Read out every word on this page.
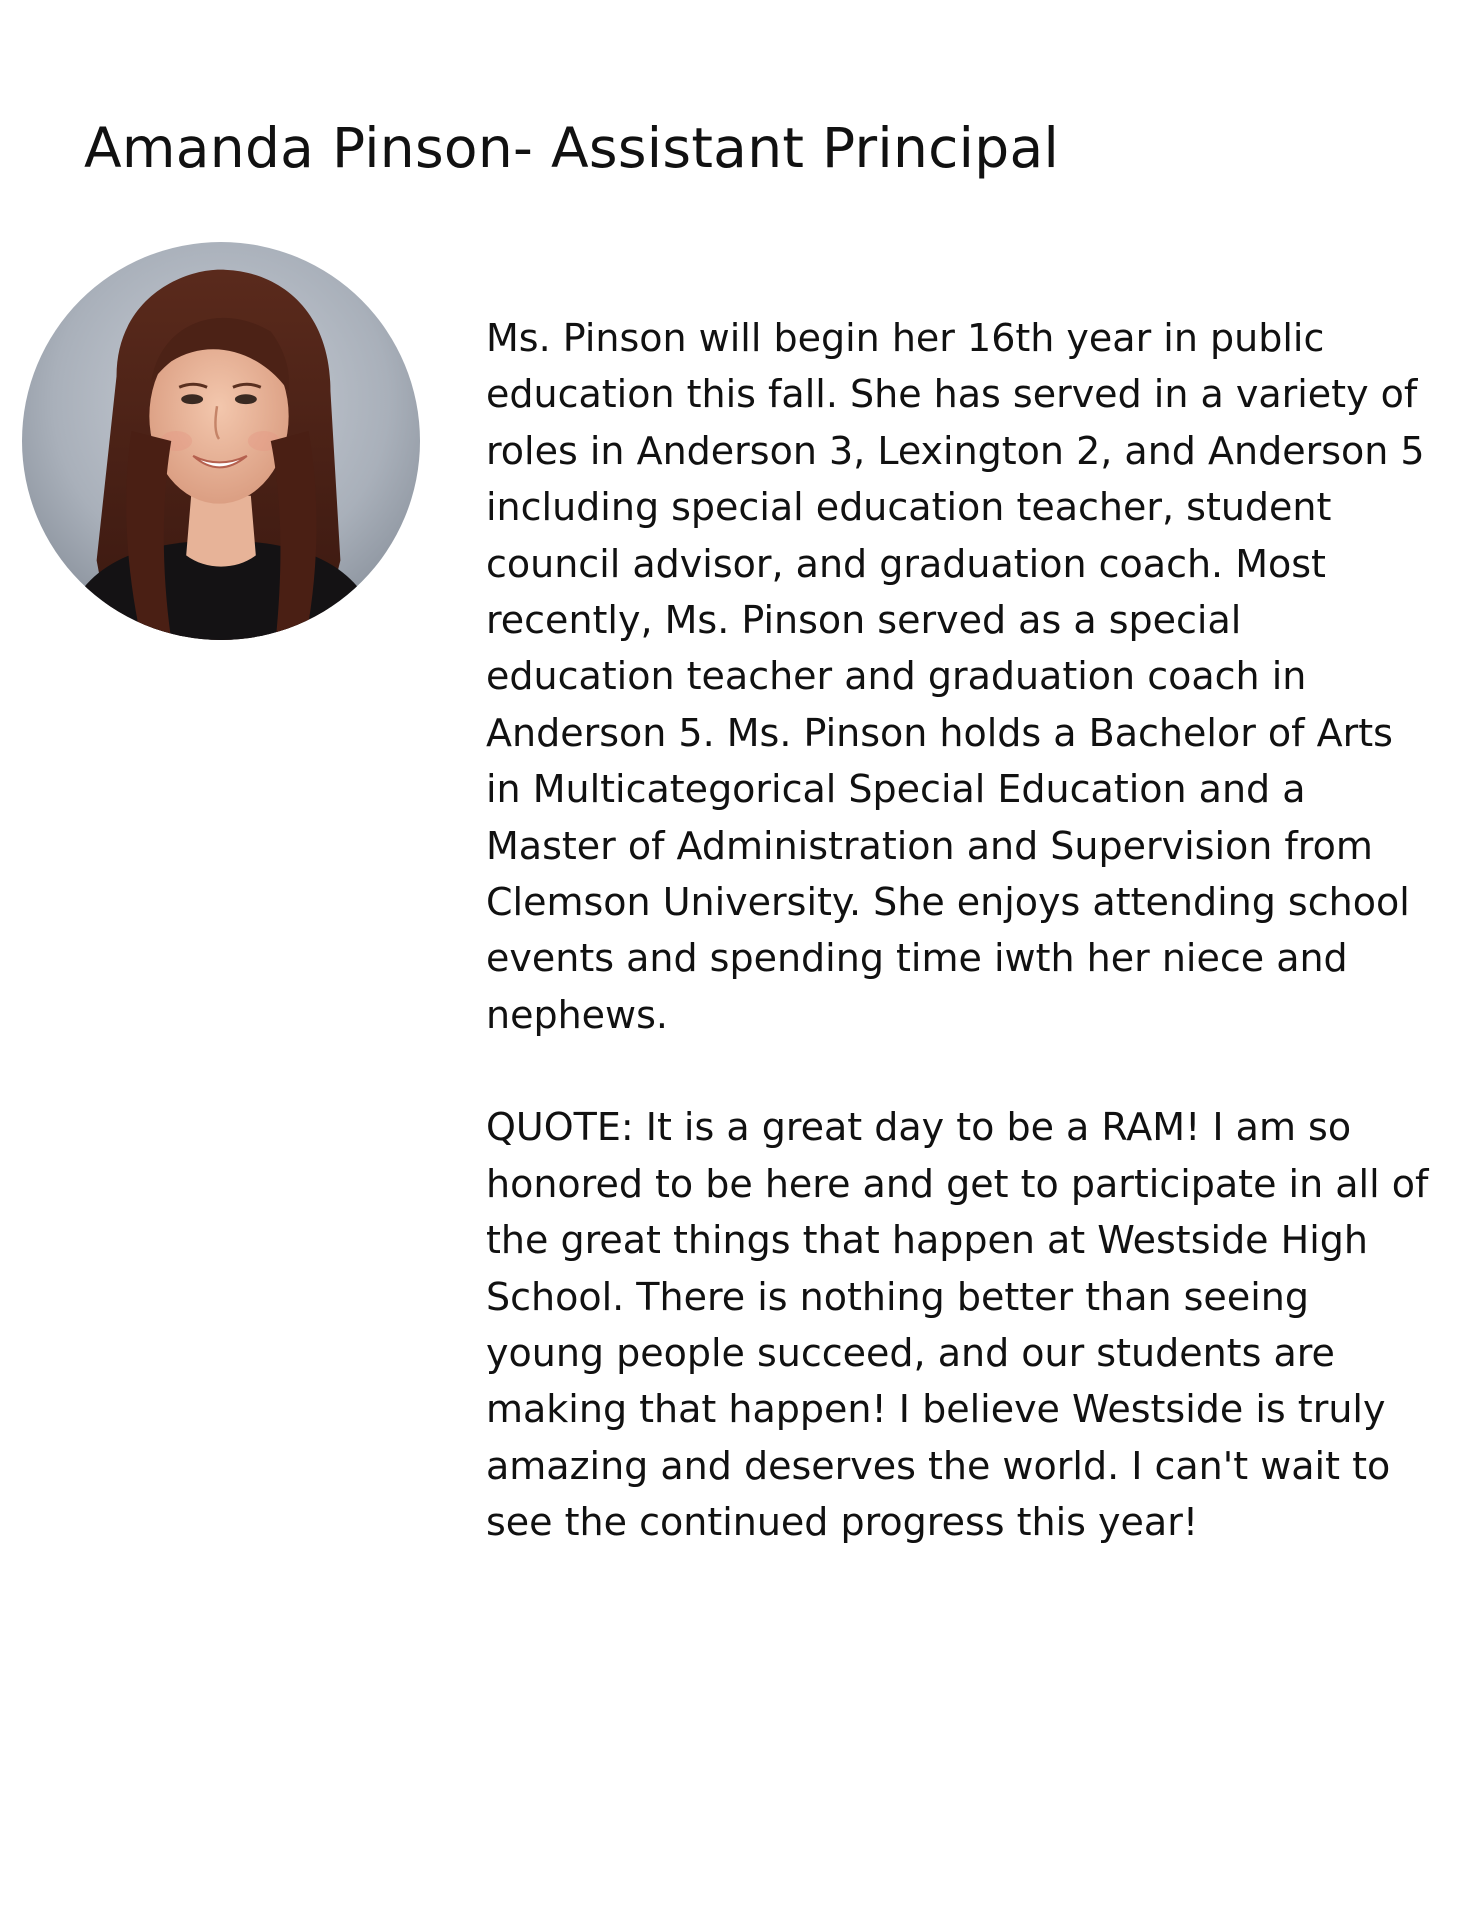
Amanda Pinson- Assistant Principal
Ms. Pinson will begin her 16th year in public
education this fall. She has served in a variety of
roles in Anderson 3, Lexington 2, and Anderson 5
including special education teacher, student
council advisor, and graduation coach. Most
recently, Ms. Pinson served as a special
education teacher and graduation coach in
Anderson 5. Ms. Pinson holds a Bachelor of Arts
in Multicategorical Special Education and a
Master of Administration and Supervision from
Clemson University. She enjoys attending school
events and spending time iwth her niece and
nephews.
QUOTE: It is a great day to be a RAM! I am so
honored to be here and get to participate in all of
the great things that happen at Westside High
School. There is nothing better than seeing
young people succeed, and our students are
making that happen! I believe Westside is truly
amazing and deserves the world. I can't wait to
see the continued progress this year!
